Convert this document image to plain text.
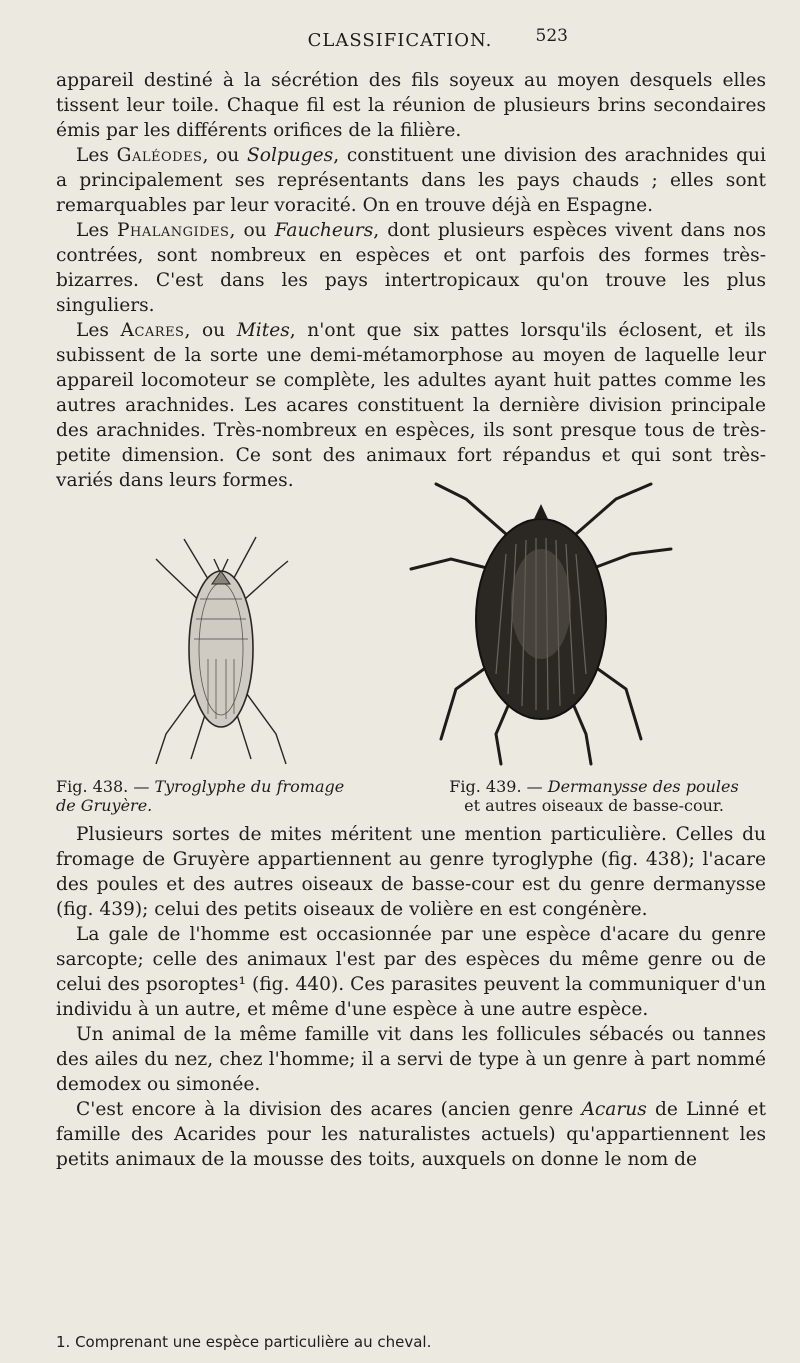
CLASSIFICATION.	523

appareil destiné à la sécrétion des fils soyeux au moyen desquels elles tissent leur toile. Chaque fil est la réunion de plusieurs brins secondaires émis par les différents orifices de la filière.

Les Galéodes, ou Solpuges, constituent une division des arachnides qui a principalement ses représentants dans les pays chauds ; elles sont remarquables par leur voracité. On en trouve déjà en Espagne.

Les Phalangides, ou Faucheurs, dont plusieurs espèces vivent dans nos contrées, sont nombreux en espèces et ont parfois des formes très-bizarres. C'est dans les pays intertropicaux qu'on trouve les plus singuliers.

Les Acares, ou Mites, n'ont que six pattes lorsqu'ils éclosent, et ils subissent de la sorte une demi-métamorphose au moyen de laquelle leur appareil locomoteur se complète, les adultes ayant huit pattes comme les autres arachnides. Les acares constituent la dernière division principale des arachnides. Très-nombreux en espèces, ils sont presque tous de très-petite dimension. Ce sont des animaux fort répandus et qui sont très-variés dans leurs formes.

Fig. 438. — Tyroglyphe du fromage de Gruyère.
Fig. 439. — Dermanysse des poules
et autres oiseaux de basse-cour.

Plusieurs sortes de mites méritent une mention particulière. Celles du fromage de Gruyère appartiennent au genre tyroglyphe (fig. 438); l'acare des poules et des autres oiseaux de basse-cour est du genre dermanysse (fig. 439); celui des petits oiseaux de volière en est congénère.

La gale de l'homme est occasionnée par une espèce d'acare du genre sarcopte; celle des animaux l'est par des espèces du même genre ou de celui des psoroptes¹ (fig. 440). Ces parasites peuvent la communiquer d'un individu à un autre, et même d'une espèce à une autre espèce.

Un animal de la même famille vit dans les follicules sébacés ou tannes des ailes du nez, chez l'homme; il a servi de type à un genre à part nommé demodex ou simonée.

C'est encore à la division des acares (ancien genre Acarus de Linné et famille des Acarides pour les naturalistes actuels) qu'appartiennent les petits animaux de la mousse des toits, auxquels on donne le nom de

1. Comprenant une espèce particulière au cheval.
